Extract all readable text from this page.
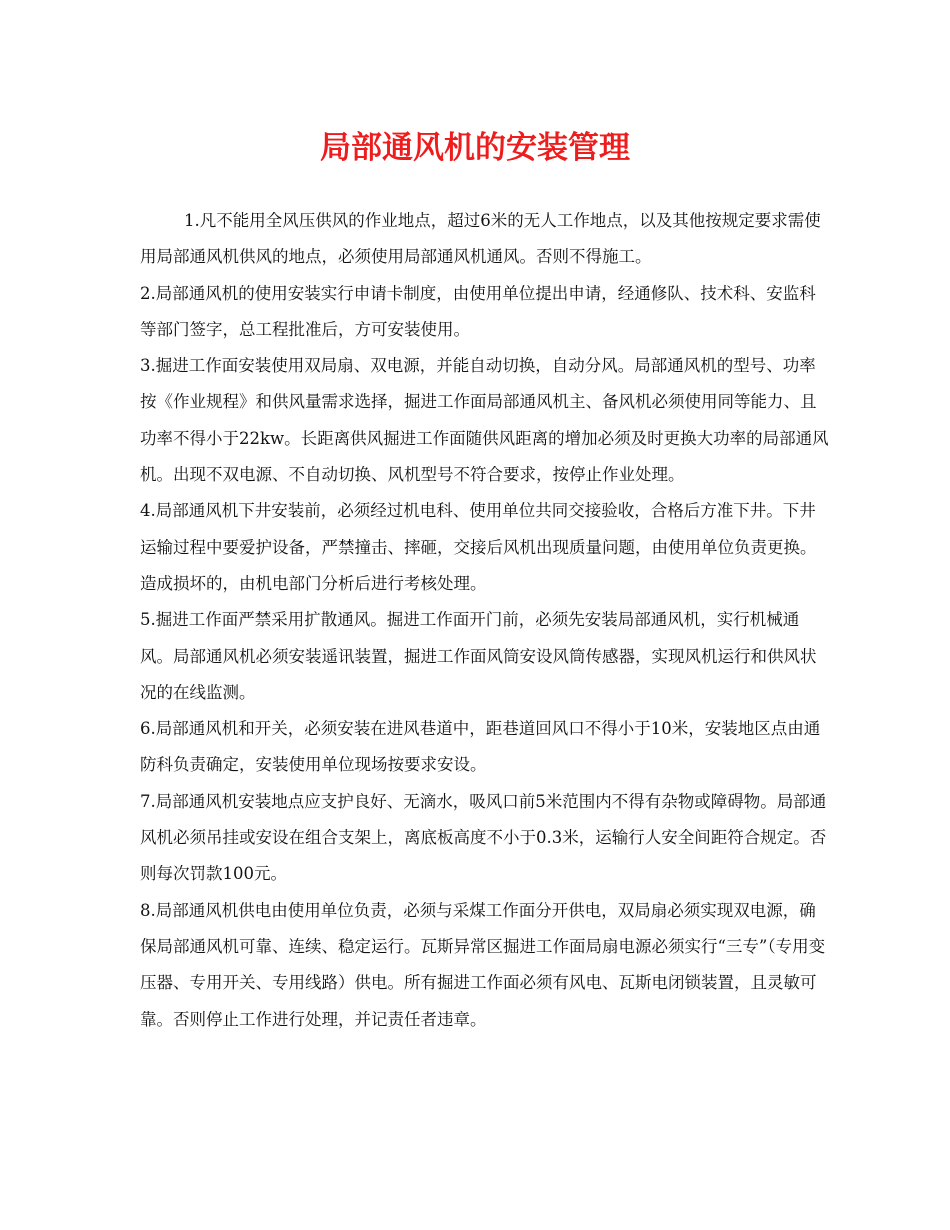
局部通风机的安装管理

1.凡不能用全风压供风的作业地点，超过6米的无人工作地点，以及其他按规定要求需使用局部通风机供风的地点，必须使用局部通风机通风。否则不得施工。

2.局部通风机的使用安装实行申请卡制度，由使用单位提出申请，经通修队、技术科、安监科等部门签字，总工程批准后，方可安装使用。

3.掘进工作面安装使用双局扇、双电源，并能自动切换，自动分风。局部通风机的型号、功率按《作业规程》和供风量需求选择，掘进工作面局部通风机主、备风机必须使用同等能力、且功率不得小于22kw。长距离供风掘进工作面随供风距离的增加必须及时更换大功率的局部通风机。出现不双电源、不自动切换、风机型号不符合要求，按停止作业处理。

4.局部通风机下井安装前，必须经过机电科、使用单位共同交接验收，合格后方准下井。下井运输过程中要爱护设备，严禁撞击、摔砸，交接后风机出现质量问题，由使用单位负责更换。造成损坏的，由机电部门分析后进行考核处理。

5.掘进工作面严禁采用扩散通风。掘进工作面开门前，必须先安装局部通风机，实行机械通风。局部通风机必须安装遥讯装置，掘进工作面风筒安设风筒传感器，实现风机运行和供风状况的在线监测。

6.局部通风机和开关，必须安装在进风巷道中，距巷道回风口不得小于10米，安装地区点由通防科负责确定，安装使用单位现场按要求安设。

7.局部通风机安装地点应支护良好、无滴水，吸风口前5米范围内不得有杂物或障碍物。局部通风机必须吊挂或安设在组合支架上，离底板高度不小于0.3米，运输行人安全间距符合规定。否则每次罚款100元。

8.局部通风机供电由使用单位负责，必须与采煤工作面分开供电，双局扇必须实现双电源，确保局部通风机可靠、连续、稳定运行。瓦斯异常区掘进工作面局扇电源必须实行“三专”（专用变压器、专用开关、专用线路）供电。所有掘进工作面必须有风电、瓦斯电闭锁装置，且灵敏可靠。否则停止工作进行处理，并记责任者违章。
